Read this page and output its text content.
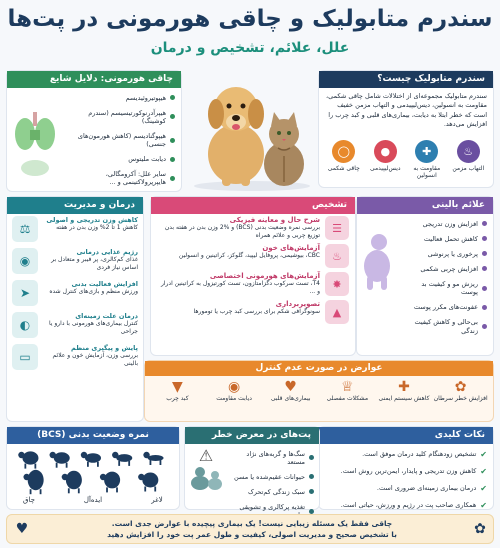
سندرم متابولیک و چاقی هورمونی در پت‌ها
علل، علائم، تشخیص و درمان
سندرم متابولیک چیست؟
سندرم متابولیک مجموعه‌ای از اختلالات شامل چاقی شکمی، مقاومت به انسولین، دیس‌لیپیدمی و التهاب مزمن خفیف است که خطر ابتلا به دیابت، بیماری‌های قلبی و کبد چرب را افزایش می‌دهد.
♨
التهاب مزمن
✚
مقاومت به انسولین
●
دیس‌لیپیدمی
◯
چاقی شکمی
چاقی هورمونی: دلایل شایع
هیپوتیروئیدیسم
هیپرآدرنوکورتیسیسم (سندرم کوشینگ)
هیپوگنادیسم (کاهش هورمون‌های جنسی)
دیابت ملیتوس
سایر علل: آکرومگالی، هایپرپرولاکتینمی و ...
علائم بالینی
افزایش وزن تدریجی
کاهش تحمل فعالیت
پرخوری یا پرنوشی
افزایش چربی شکمی
ریزش مو و کیفیت بد پوست
عفونت‌های مکرر پوست
بی‌حالی و کاهش کیفیت زندگی
تشخیص
☰
شرح حال و معاینه فیزیکی
بررسی نمره وضعیت بدنی (BCS) و %2 وزن بدن در هفته بدن توزیع چربی و علائم همراه
♨
آزمایش‌های خون
CBC، بیوشیمی، پروفایل لیپید، گلوکز، کراتینین و انسولین
✸
آزمایش‌های هورمونی اختصاصی
T4، تست سرکوب دگزامتازون، تست کورتیزول به کراتینین ادرار و ...
▲
تصویربرداری
سونوگرافی شکم برای بررسی کبد چرب یا تومورها
درمان و مدیریت
کاهش وزن تدریجی و اصولی
کاهش 1 تا 2% وزن بدن در هفته
⚖
رژیم غذایی درمانی
غذای کم‌کالری، پر فیبر و متعادل بر اساس نیاز فردی
◉
افزایش فعالیت بدنی
ورزش منظم و بازی‌های کنترل شده
➤
درمان علت زمینه‌ای
کنترل بیماری‌های هورمونی با دارو یا جراحی
◐
پایش و پیگیری منظم
بررسی وزن، آزمایش خون و علائم بالینی
▭
عوارض در صورت عدم کنترل
✿
افزایش خطر سرطان
✚
کاهش سیستم ایمنی
♕
مشکلات مفصلی
♥
بیماری‌های قلبی
◉
دیابت مقاومت
▼
کبد چرب
نکات کلیدی
✔
تشخیص زودهنگام کلید درمان موفق است.
✔
کاهش وزن تدریجی و پایدار، ایمن‌ترین روش است.
✔
درمان بیماری زمینه‌ای ضروری است.
✔
همکاری صاحب پت در رژیم و ورزش، حیاتی است.
پت‌های در معرض خطر
سگ‌ها و گربه‌های نژاد مستعد
حیوانات عقیم‌شده یا مسن
سبک زندگی کم‌تحرک
تغذیه پرکالری و تشویقی
⚠
نمره وضعیت بدنی (BCS)
لاغر
ایده‌آل
چاق
✿
چاقی فقط یک مسئله زیبایی نیست! یک بیماری پیچیده با عوارض جدی است.
با تشخیص صحیح و مدیریت اصولی، کیفیت و طول عمر پت خود را افزایش دهید
♥
